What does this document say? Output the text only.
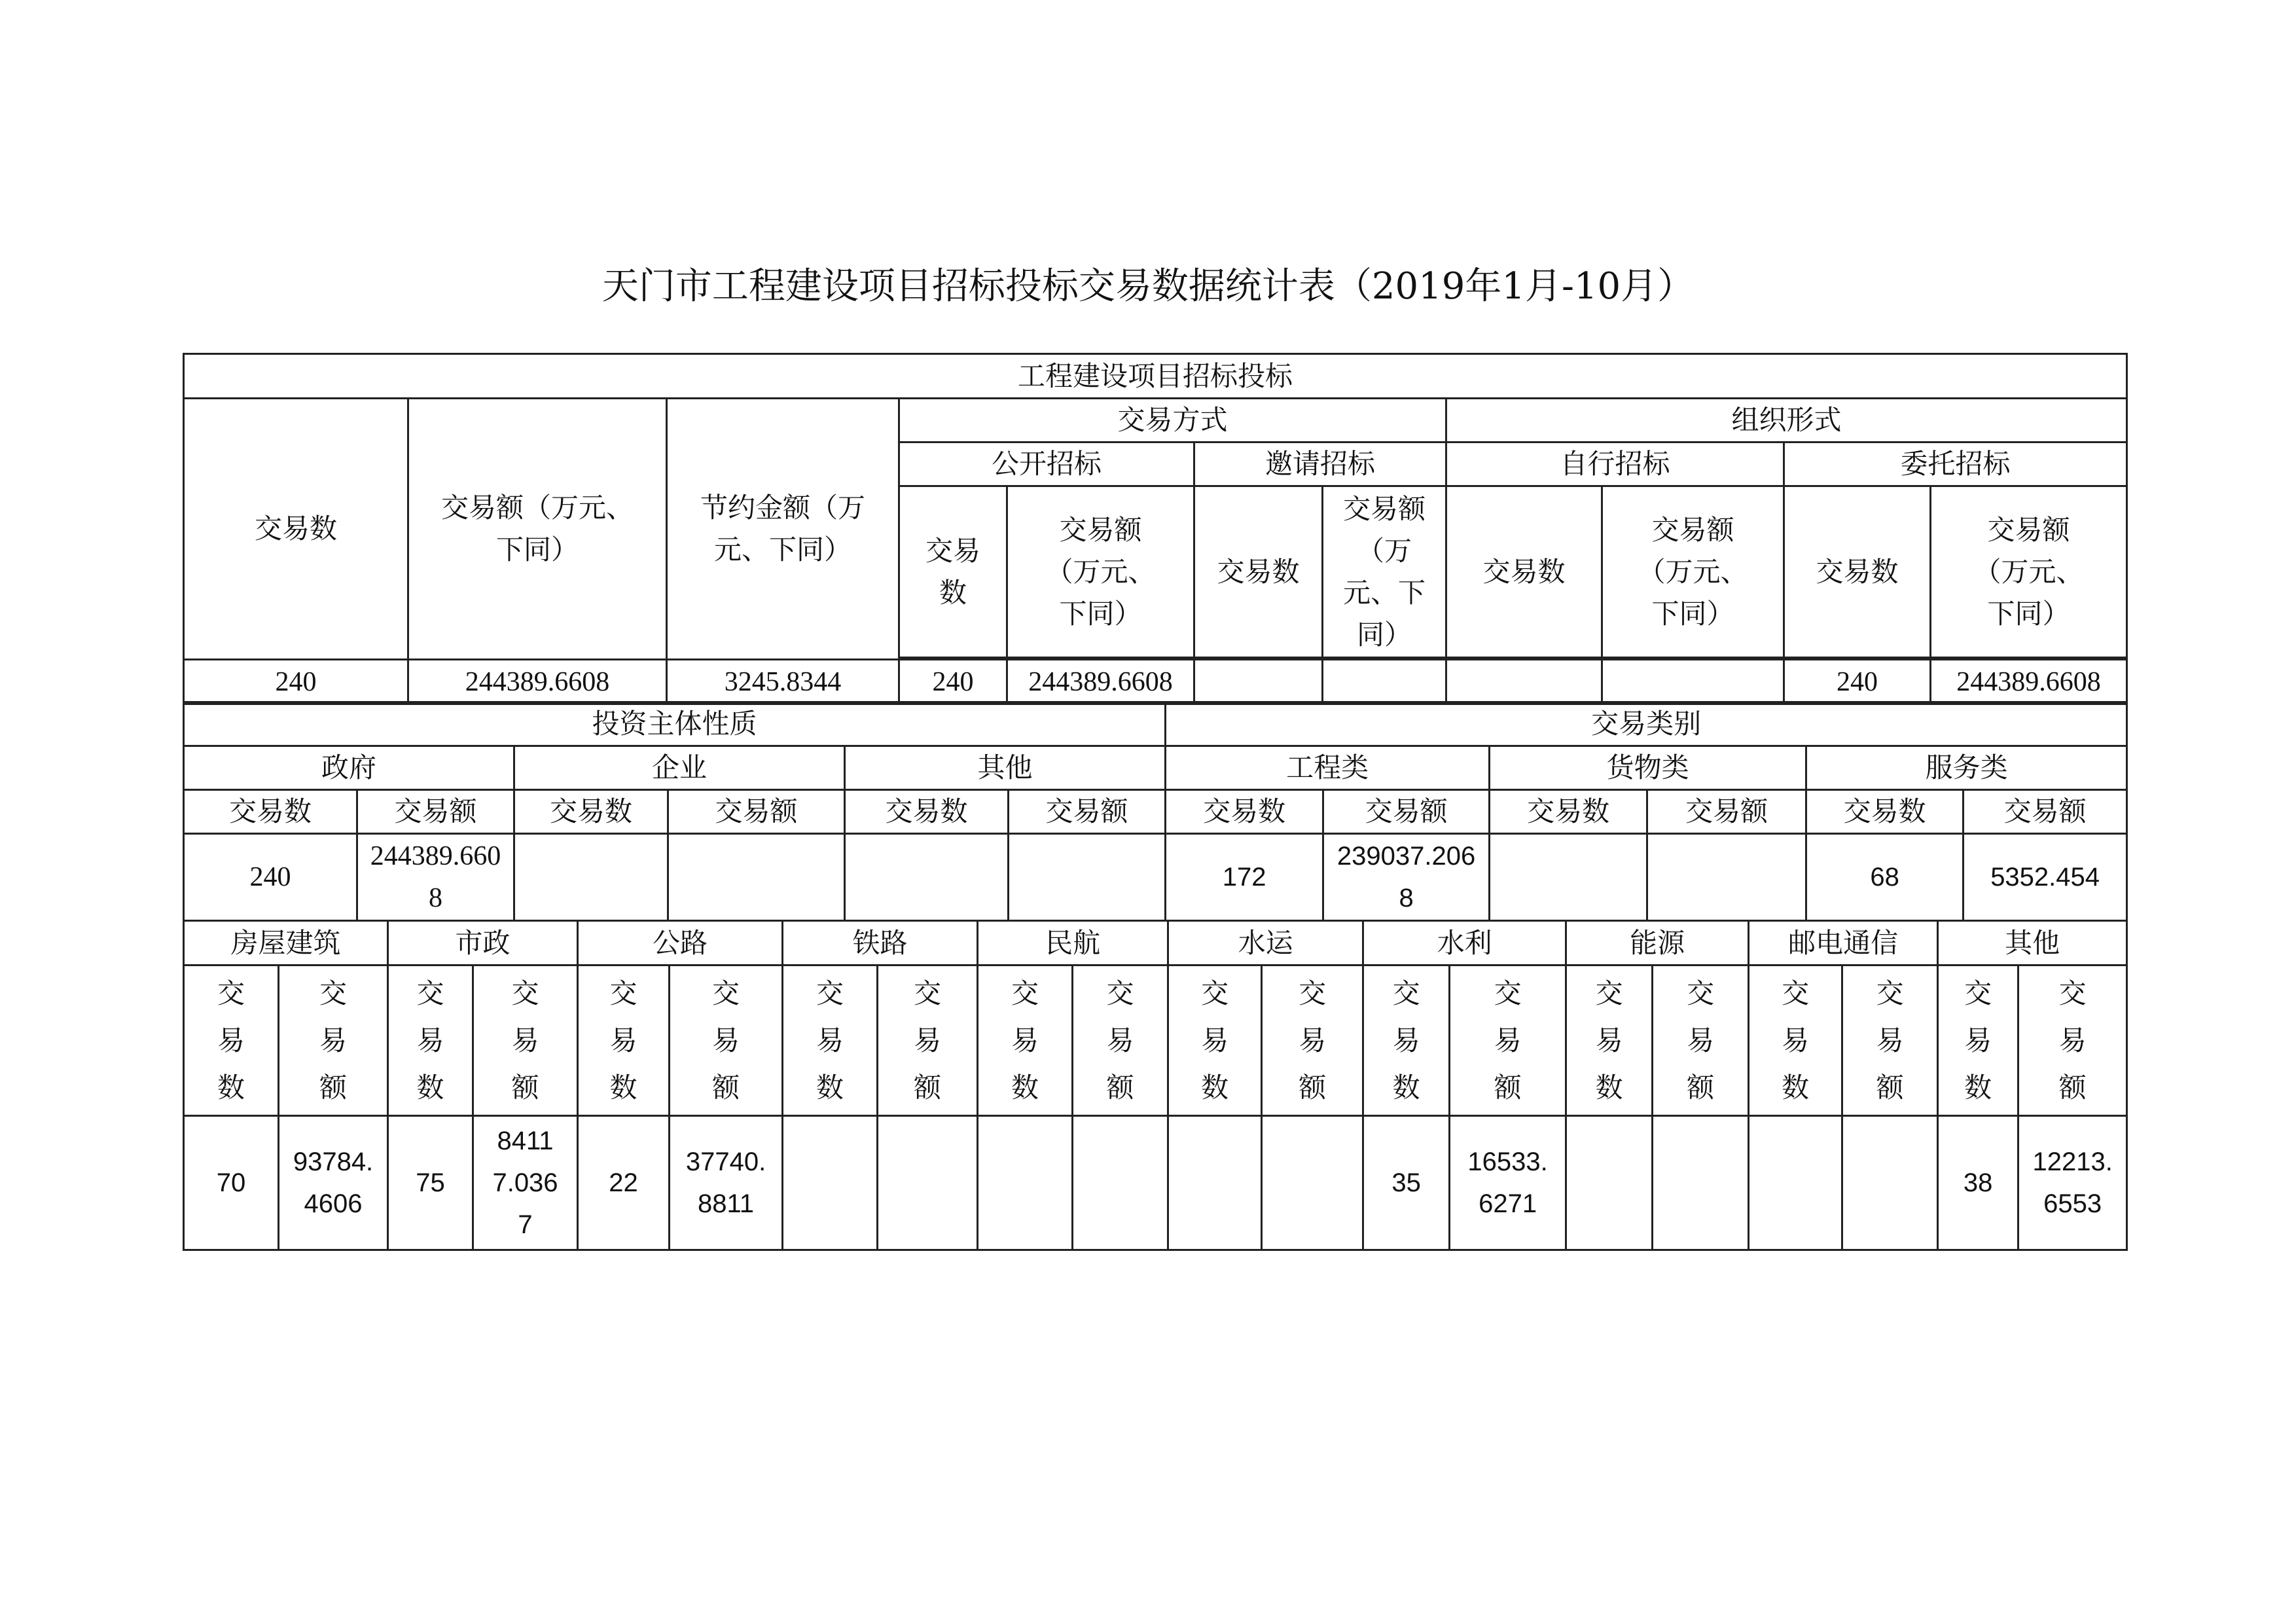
天门市工程建设项目招标投标交易数据统计表（2019年1月-10月）
工程建设项目招标投标										
交易数	交易额（万元、下同）	节约金额（万元、下同）	交易方式				组织形式			
			公开招标		邀请招标		自行招标		委托招标	

			交易数	交易额（万元、下同）	交易数	交易额（万元、下同）	交易数	交易额（万元、下同）	交易数	交易额（万元、下同）

240	244389.6608	3245.8344	240	244389.6608					240	244389.6608
投资主体性质						交易类别					
政府		企业		其他		工程类		货物类		服务类	
交易数	交易额	交易数	交易额	交易数	交易额	交易数	交易额	交易数	交易额	交易数	交易额
240	244389.6608					172	239037.2068			68	5352.454
房屋建筑		市政		公路		铁路		民航		水运		水利		能源		邮电通信		其他	

交易数	交易额	交易数	交易额	交易数	交易额	交易数	交易额	交易数	交易额	交易数	交易额	交易数	交易额	交易数	交易额	交易数	交易额	交易数	交易额

70	93784.4606	75	84117.0367	22	37740.8811							35	16533.6271					38	12213.6553
